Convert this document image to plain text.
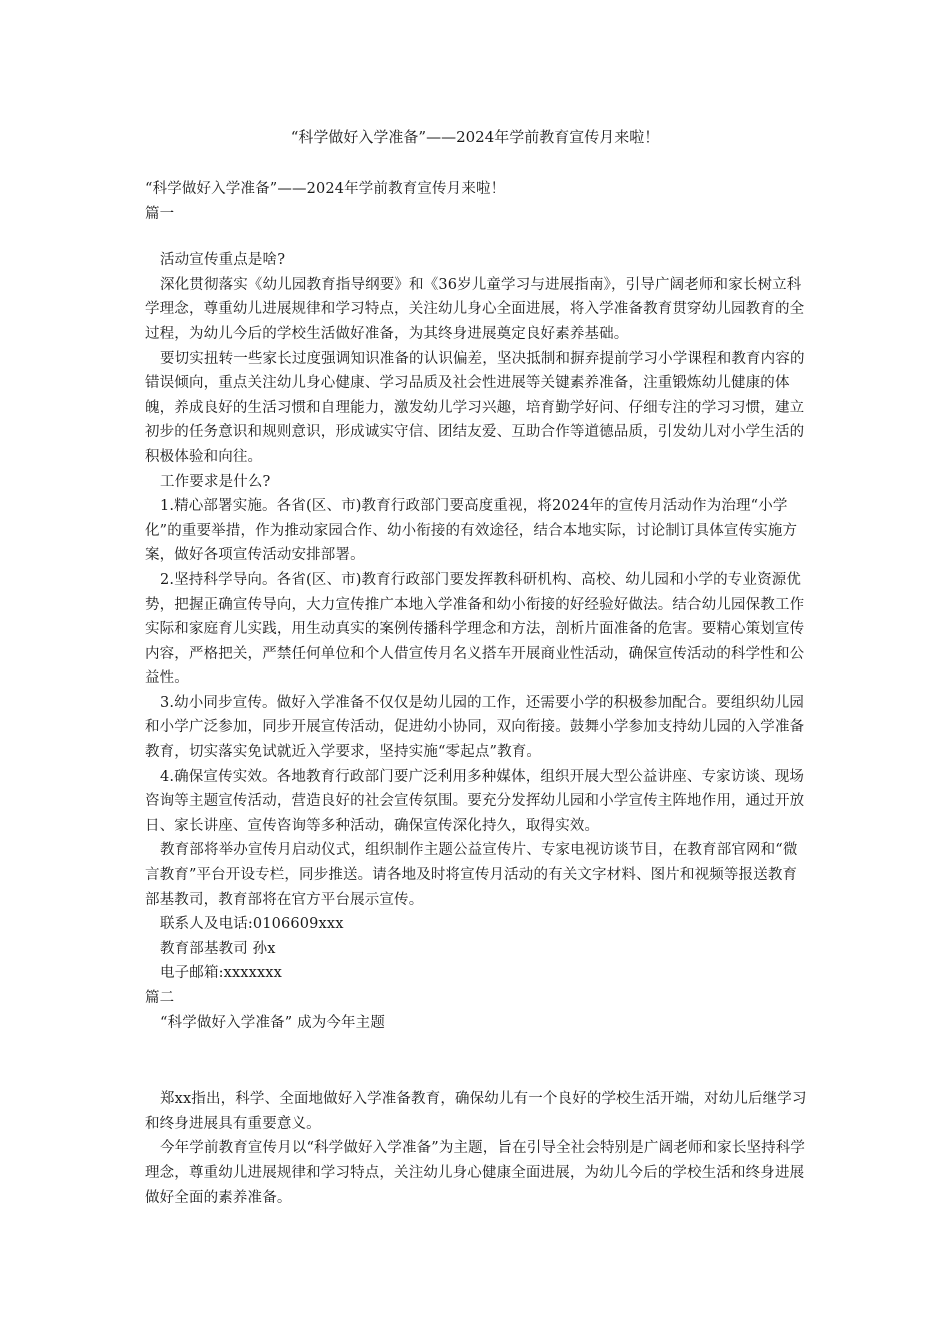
“科学做好入学准备”——2024年学前教育宣传月来啦！

“科学做好入学准备”——2024年学前教育宣传月来啦！

篇一

活动宣传重点是啥?

深化贯彻落实《幼儿园教育指导纲要》和《36岁儿童学习与进展指南》，引导广阔老师和家长树立科学理念，尊重幼儿进展规律和学习特点，关注幼儿身心全面进展，将入学准备教育贯穿幼儿园教育的全过程，为幼儿今后的学校生活做好准备，为其终身进展奠定良好素养基础。

要切实扭转一些家长过度强调知识准备的认识偏差，坚决抵制和摒弃提前学习小学课程和教育内容的错误倾向，重点关注幼儿身心健康、学习品质及社会性进展等关键素养准备，注重锻炼幼儿健康的体魄，养成良好的生活习惯和自理能力，激发幼儿学习兴趣，培育勤学好问、仔细专注的学习习惯，建立初步的任务意识和规则意识，形成诚实守信、团结友爱、互助合作等道德品质，引发幼儿对小学生活的积极体验和向往。

工作要求是什么?

1.精心部署实施。各省(区、市)教育行政部门要高度重视，将2024年的宣传月活动作为治理“小学化”的重要举措，作为推动家园合作、幼小衔接的有效途径，结合本地实际，讨论制订具体宣传实施方案，做好各项宣传活动安排部署。

2.坚持科学导向。各省(区、市)教育行政部门要发挥教科研机构、高校、幼儿园和小学的专业资源优势，把握正确宣传导向，大力宣传推广本地入学准备和幼小衔接的好经验好做法。结合幼儿园保教工作实际和家庭育儿实践，用生动真实的案例传播科学理念和方法，剖析片面准备的危害。要精心策划宣传内容，严格把关，严禁任何单位和个人借宣传月名义搭车开展商业性活动，确保宣传活动的科学性和公益性。

3.幼小同步宣传。做好入学准备不仅仅是幼儿园的工作，还需要小学的积极参加配合。要组织幼儿园和小学广泛参加，同步开展宣传活动，促进幼小协同，双向衔接。鼓舞小学参加支持幼儿园的入学准备教育，切实落实免试就近入学要求，坚持实施“零起点”教育。

4.确保宣传实效。各地教育行政部门要广泛利用多种媒体，组织开展大型公益讲座、专家访谈、现场咨询等主题宣传活动，营造良好的社会宣传氛围。要充分发挥幼儿园和小学宣传主阵地作用，通过开放日、家长讲座、宣传咨询等多种活动，确保宣传深化持久，取得实效。

教育部将举办宣传月启动仪式，组织制作主题公益宣传片、专家电视访谈节目，在教育部官网和“微言教育”平台开设专栏，同步推送。请各地及时将宣传月活动的有关文字材料、图片和视频等报送教育部基教司，教育部将在官方平台展示宣传。

联系人及电话:0106609xxx

教育部基教司 孙x

电子邮箱:xxxxxxx

篇二

“科学做好入学准备” 成为今年主题

郑xx指出，科学、全面地做好入学准备教育，确保幼儿有一个良好的学校生活开端，对幼儿后继学习和终身进展具有重要意义。

今年学前教育宣传月以“科学做好入学准备”为主题，旨在引导全社会特别是广阔老师和家长坚持科学理念，尊重幼儿进展规律和学习特点，关注幼儿身心健康全面进展，为幼儿今后的学校生活和终身进展做好全面的素养准备。
